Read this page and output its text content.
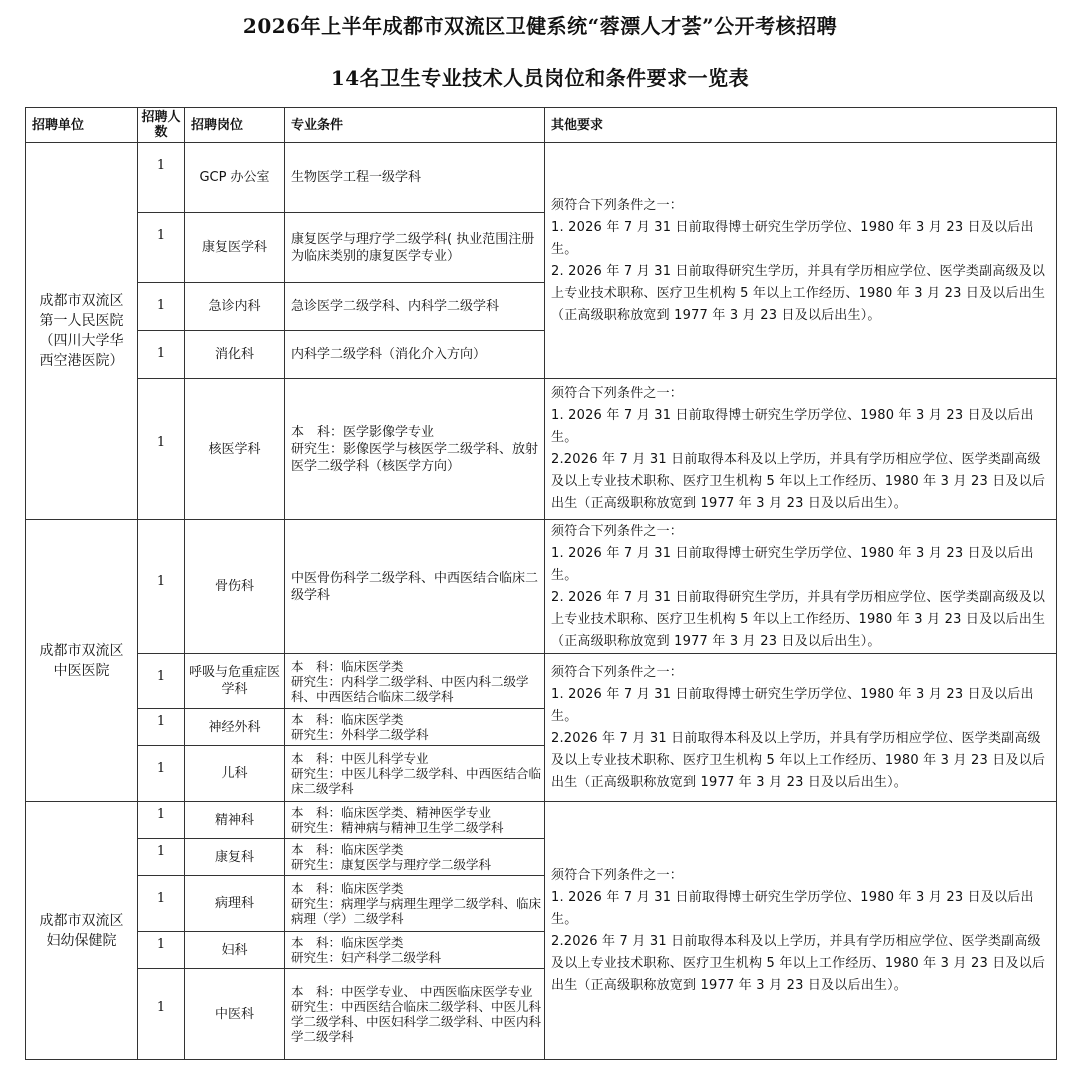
2026年上半年成都市双流区卫健系统“蓉漂人才荟”公开考核招聘
14名卫生专业技术人员岗位和条件要求一览表
招聘单位	招聘人数	招聘岗位	专业条件	其他要求
成都市双流区第一人民医院（四川大学华西空港医院）	1	GCP 办公室	生物医学工程一级学科	须符合下列条件之一：
1. 2026 年 7 月 31 日前取得博士研究生学历学位、1980 年 3 月 23 日及以后出生。
2. 2026 年 7 月 31 日前取得研究生学历，并具有学历相应学位、医学类副高级及以上专业技术职称、医疗卫生机构 5 年以上工作经历、1980 年 3 月 23 日及以后出生（正高级职称放宽到 1977 年 3 月 23 日及以后出生）。
	1	康复医学科	康复医学与理疗学二级学科( 执业范围注册为临床类别的康复医学专业）	
	1	急诊内科	急诊医学二级学科、内科学二级学科	
	1	消化科	内科学二级学科（消化介入方向）	
	1	核医学科	本　科：医学影像学专业
研究生：影像医学与核医学二级学科、放射医学二级学科（核医学方向）	须符合下列条件之一：
1. 2026 年 7 月 31 日前取得博士研究生学历学位、1980 年 3 月 23 日及以后出生。
2.2026 年 7 月 31 日前取得本科及以上学历，并具有学历相应学位、医学类副高级及以上专业技术职称、医疗卫生机构 5 年以上工作经历、1980 年 3 月 23 日及以后出生（正高级职称放宽到 1977 年 3 月 23 日及以后出生）。
成都市双流区中医医院	1	骨伤科	中医骨伤科学二级学科、中西医结合临床二级学科	须符合下列条件之一：
1. 2026 年 7 月 31 日前取得博士研究生学历学位、1980 年 3 月 23 日及以后出生。
2. 2026 年 7 月 31 日前取得研究生学历，并具有学历相应学位、医学类副高级及以上专业技术职称、医疗卫生机构 5 年以上工作经历、1980 年 3 月 23 日及以后出生（正高级职称放宽到 1977 年 3 月 23 日及以后出生）。
	1	呼吸与危重症医学科	本　科：临床医学类
研究生：内科学二级学科、中医内科二级学科、中西医结合临床二级学科	须符合下列条件之一：
1. 2026 年 7 月 31 日前取得博士研究生学历学位、1980 年 3 月 23 日及以后出生。
2.2026 年 7 月 31 日前取得本科及以上学历，并具有学历相应学位、医学类副高级及以上专业技术职称、医疗卫生机构 5 年以上工作经历、1980 年 3 月 23 日及以后出生（正高级职称放宽到 1977 年 3 月 23 日及以后出生）。
	1	神经外科	本　科：临床医学类
研究生：外科学二级学科	
	1	儿科	本　科：中医儿科学专业
研究生：中医儿科学二级学科、中西医结合临床二级学科	
成都市双流区妇幼保健院	1	精神科	本　科：临床医学类、精神医学专业
研究生：精神病与精神卫生学二级学科	须符合下列条件之一：
1. 2026 年 7 月 31 日前取得博士研究生学历学位、1980 年 3 月 23 日及以后出生。
2.2026 年 7 月 31 日前取得本科及以上学历，并具有学历相应学位、医学类副高级及以上专业技术职称、医疗卫生机构 5 年以上工作经历、1980 年 3 月 23 日及以后出生（正高级职称放宽到 1977 年 3 月 23 日及以后出生）。
	1	康复科	本　科：临床医学类
研究生：康复医学与理疗学二级学科	
	1	病理科	本　科：临床医学类
研究生：病理学与病理生理学二级学科、临床病理（学）二级学科	
	1	妇科	本　科：临床医学类
研究生：妇产科学二级学科	
	1	中医科	本　科：中医学专业、 中西医临床医学专业
研究生：中西医结合临床二级学科、中医儿科学二级学科、中医妇科学二级学科、中医内科学二级学科	
